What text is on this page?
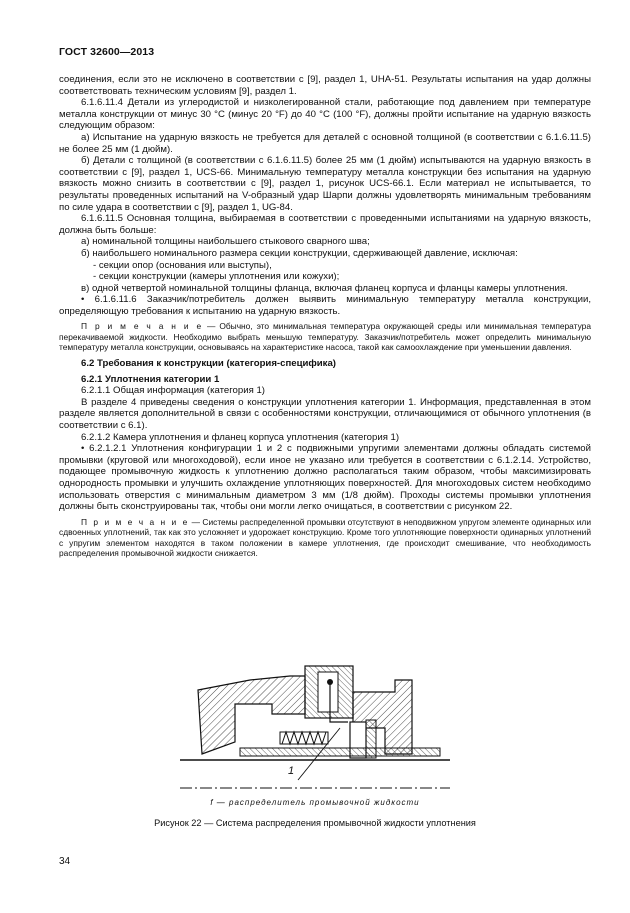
ГОСТ 32600—2013

соединения, если это не исключено в соответствии с [9], раздел 1, UHA-51. Результаты испытания на удар должны соответствовать техническим условиям [9], раздел 1.

6.1.6.11.4 Детали из углеродистой и низколегированной стали, работающие под давлением при температуре металла конструкции от минус 30 °С (минус 20 °F) до 40 °С (100 °F), должны пройти испытание на ударную вязкость следующим образом:

а) Испытание на ударную вязкость не требуется для деталей с основной толщиной (в соответствии с 6.1.6.11.5) не более 25 мм (1 дюйм).

б) Детали с толщиной (в соответствии с 6.1.6.11.5) более 25 мм (1 дюйм) испытываются на ударную вязкость в соответствии с [9], раздел 1, UCS-66. Минимальную температуру металла конструкции без испытания на ударную вязкость можно снизить в соответствии с [9], раздел 1, рисунок UCS-66.1. Если материал не испытывается, то результаты проведенных испытаний на V-образный удар Шарпи должны удовлетворять минимальным требованиям по силе удара в соответствии с [9], раздел 1, UG-84.

6.1.6.11.5 Основная толщина, выбираемая в соответствии с проведенными испытаниями на ударную вязкость, должна быть больше:

а) номинальной толщины наибольшего стыкового сварного шва;

б) наибольшего номинального размера секции конструкции, сдерживающей давление, исключая:

- секции опор (основания или выступы),

- секции конструкции (камеры уплотнения или кожухи);

в) одной четвертой номинальной толщины фланца, включая фланец корпуса и фланцы камеры уплотнения.

• 6.1.6.11.6 Заказчик/потребитель должен выявить минимальную температуру металла конструкции, определяющую требования к испытанию на ударную вязкость.

П р и м е ч а н и е — Обычно, это минимальная температура окружающей среды или минимальная температура перекачиваемой жидкости. Необходимо выбрать меньшую температуру. Заказчик/потребитель может определить минимальную температуру металла конструкции, основываясь на характеристике насоса, такой как самоохлаждение при уменьшении давления.

6.2 Требования к конструкции (категория-специфика)

6.2.1 Уплотнения категории 1

6.2.1.1 Общая информация (категория 1)

В разделе 4 приведены сведения о конструкции уплотнения категории 1. Информация, представленная в этом разделе является дополнительной в связи с особенностями конструкции, отличающимися от обычного уплотнения (в соответствии с 6.1).

6.2.1.2 Камера уплотнения и фланец корпуса уплотнения (категория 1)

• 6.2.1.2.1 Уплотнения конфигурации 1 и 2 с подвижными упругими элементами должны обладать системой промывки (круговой или многоходовой), если иное не указано или требуется в соответствии с 6.1.2.14. Устройство, подающее промывочную жидкость к уплотнению должно располагаться таким образом, чтобы максимизировать однородность промывки и улучшить охлаждение уплотняющих поверхностей. Для многоходовых систем необходимо использовать отверстия с минимальным диаметром 3 мм (1/8 дюйм). Проходы системы промывки уплотнения должны быть сконструированы так, чтобы они могли легко очищаться, в соответствии с рисунком 22.

П р и м е ч а н и е — Системы распределенной промывки отсутствуют в неподвижном упругом элементе одинарных или сдвоенных уплотнений, так как это усложняет и удорожает конструкцию. Кроме того уплотняющие поверхности одинарных уплотнений с упругим элементом находятся в таком положении в камере уплотнения, где происходит смешивание, что необходимость распределения промывочной жидкости снижается.

1
f — распределитель промывочной жидкости
Рисунок 22 — Система распределения промывочной жидкости уплотнения
34
